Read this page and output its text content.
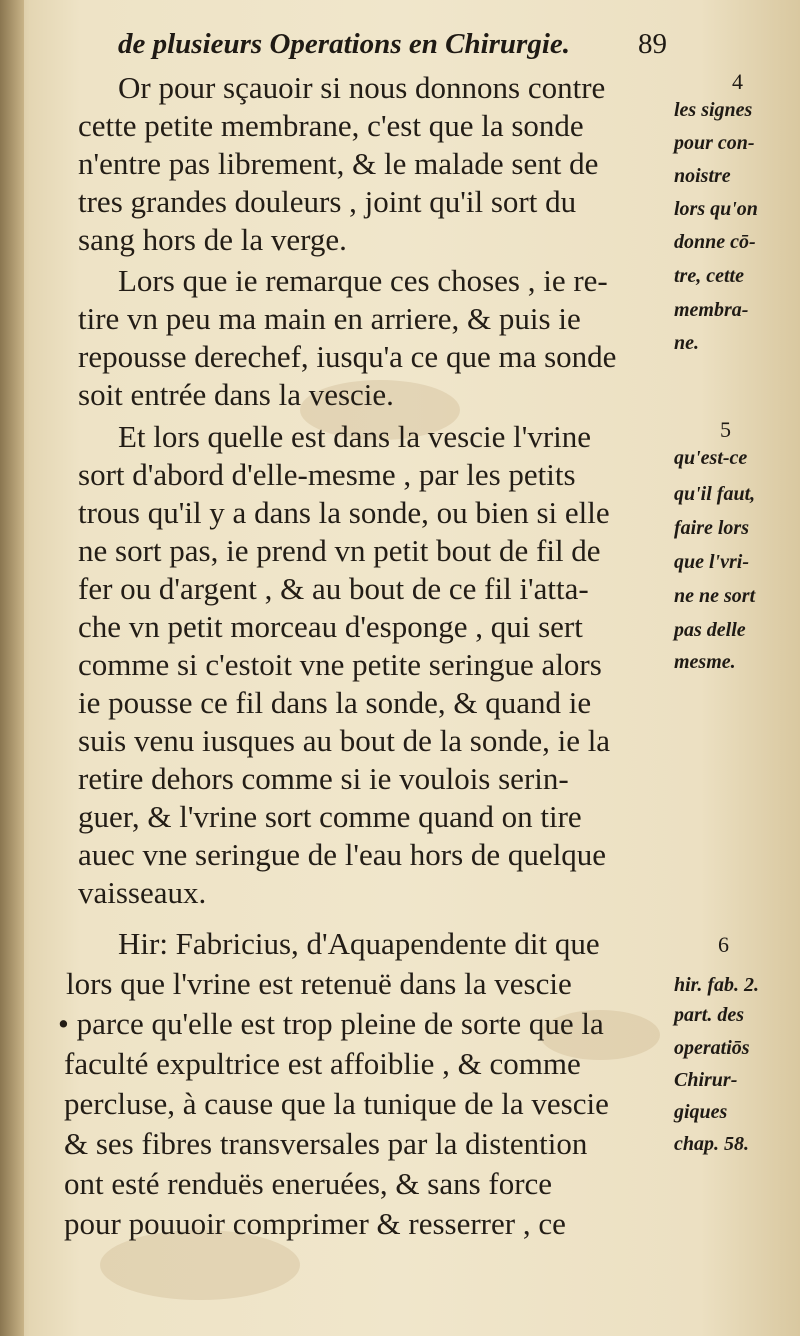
de plusieurs Operations en Chirurgie. 89
Or pour sçauoir si nous donnons contre
cette petite membrane, c'est que la sonde
n'entre pas librement, & le malade sent de
tres grandes douleurs , joint qu'il sort du
sang hors de la verge.
Lors que ie remarque ces choses , ie re-
tire vn peu ma main en arriere, & puis ie
repousse derechef, iusqu'a ce que ma sonde
soit entrée dans la vescie.
Et lors quelle est dans la vescie l'vrine
sort d'abord d'elle-mesme , par les petits
trous qu'il y a dans la sonde, ou bien si elle
ne sort pas, ie prend vn petit bout de fil de
fer ou d'argent , & au bout de ce fil i'atta-
che vn petit morceau d'esponge , qui sert
comme si c'estoit vne petite seringue alors
ie pousse ce fil dans la sonde, & quand ie
suis venu iusques au bout de la sonde, ie la
retire dehors comme si ie voulois serin-
guer, & l'vrine sort comme quand on tire
auec vne seringue de l'eau hors de quelque
vaisseaux.
Hir: Fabricius, d'Aquapendente dit que
lors que l'vrine est retenuë dans la vescie
• parce qu'elle est trop pleine de sorte que la
faculté expultrice est affoiblie , & comme
percluse, à cause que la tunique de la vescie
& ses fibres transversales par la distention
ont esté renduës eneruées, & sans force
pour pouuoir comprimer & resserrer , ce
4
les signes
pour con-
noistre
lors qu'on
donne cō-
tre, cette
membra-
ne.
5
qu'est-ce
qu'il faut,
faire lors
que l'vri-
ne ne sort
pas delle
mesme.
6
hir. fab. 2.
part. des
operatiōs
Chirur-
giques
chap. 58.
